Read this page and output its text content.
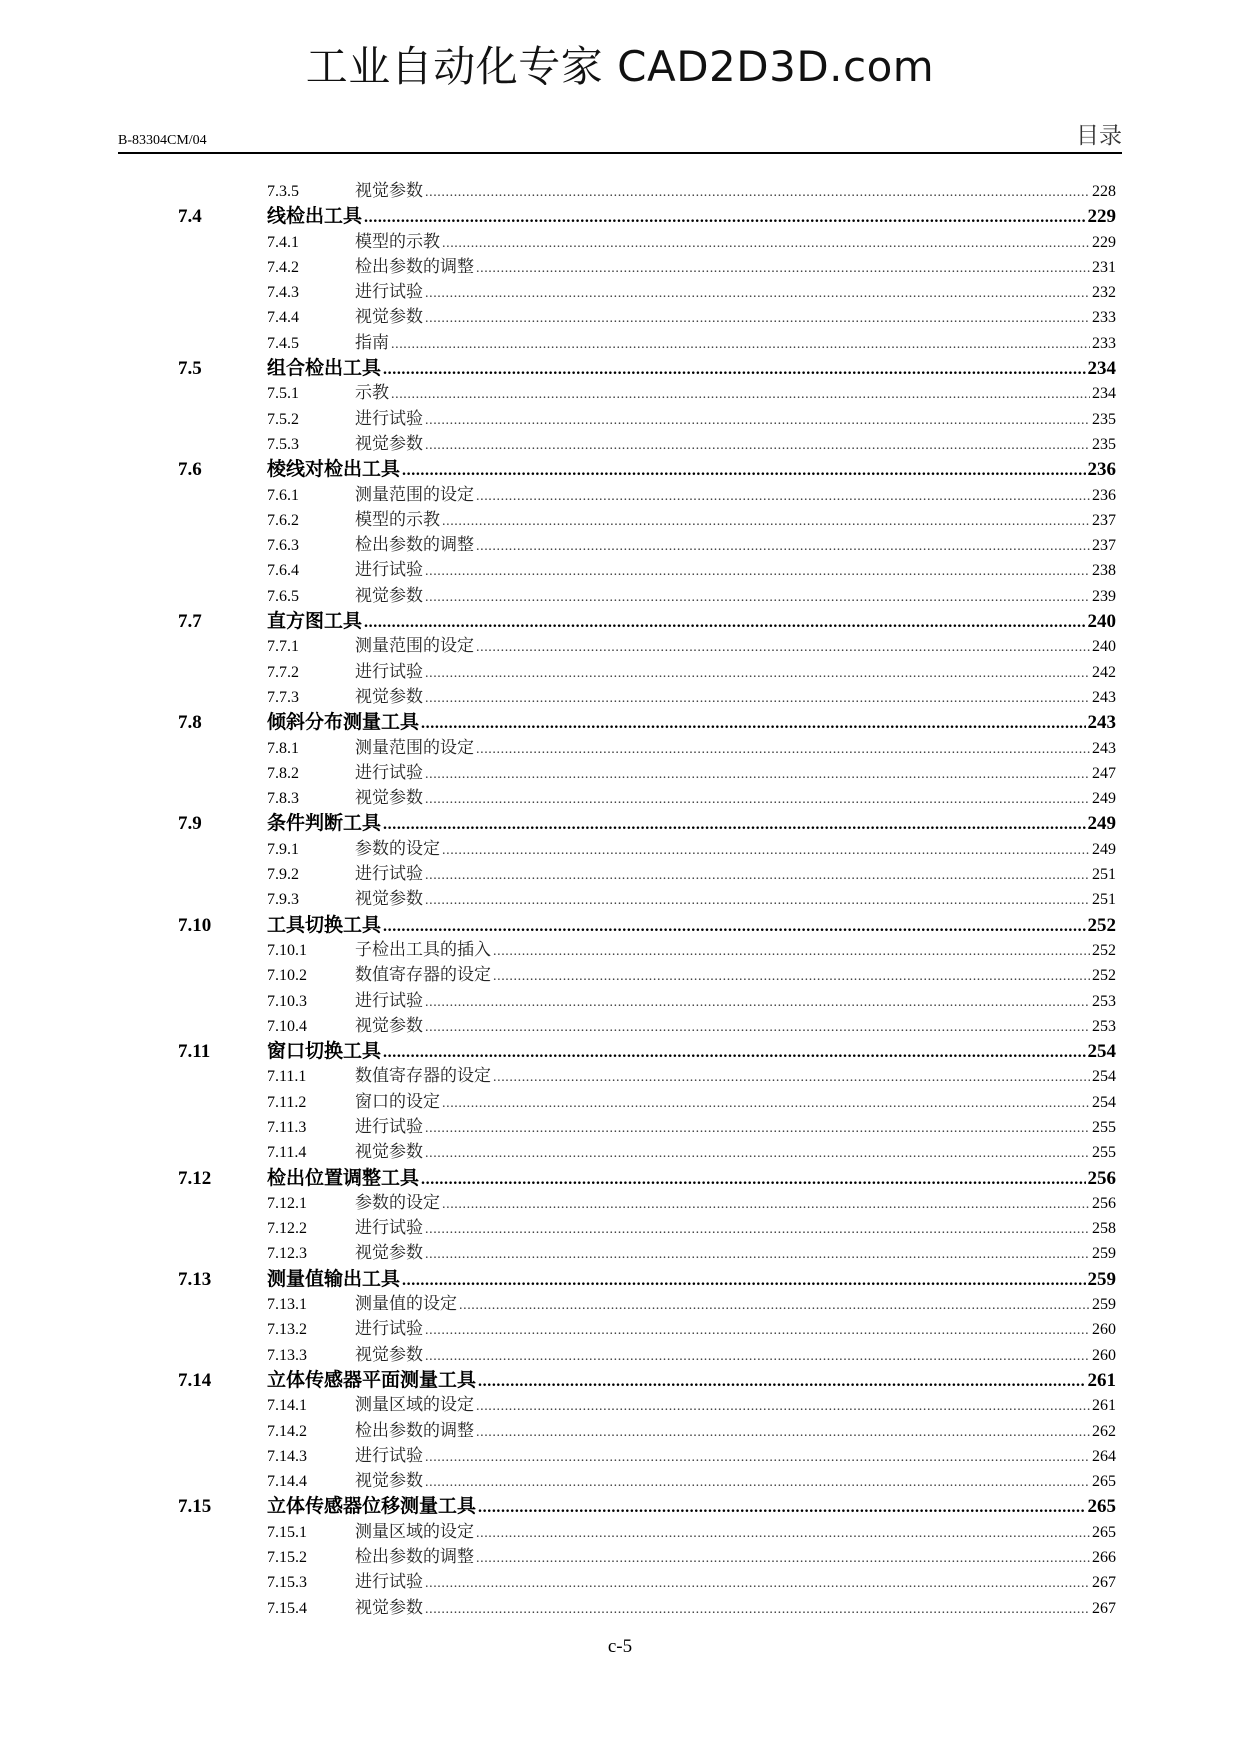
工业自动化专家 CAD2D3D.com
B-83304CM/04	目录
7.3.5	视觉参数 .....	228
7.4	线检出工具 .....	229
7.4.1	模型的示教 .....	229
7.4.2	检出参数的调整 .....	231
7.4.3	进行试验 .....	232
7.4.4	视觉参数 .....	233
7.4.5	指南 .....	233
7.5	组合检出工具 .....	234
7.5.1	示教 .....	234
7.5.2	进行试验 .....	235
7.5.3	视觉参数 .....	235
7.6	棱线对检出工具 .....	236
7.6.1	测量范围的设定 .....	236
7.6.2	模型的示教 .....	237
7.6.3	检出参数的调整 .....	237
7.6.4	进行试验 .....	238
7.6.5	视觉参数 .....	239
7.7	直方图工具 .....	240
7.7.1	测量范围的设定 .....	240
7.7.2	进行试验 .....	242
7.7.3	视觉参数 .....	243
7.8	倾斜分布测量工具 .....	243
7.8.1	测量范围的设定 .....	243
7.8.2	进行试验 .....	247
7.8.3	视觉参数 .....	249
7.9	条件判断工具 .....	249
7.9.1	参数的设定 .....	249
7.9.2	进行试验 .....	251
7.9.3	视觉参数 .....	251
7.10	工具切换工具 .....	252
7.10.1	子检出工具的插入 .....	252
7.10.2	数值寄存器的设定 .....	252
7.10.3	进行试验 .....	253
7.10.4	视觉参数 .....	253
7.11	窗口切换工具 .....	254
7.11.1	数值寄存器的设定 .....	254
7.11.2	窗口的设定 .....	254
7.11.3	进行试验 .....	255
7.11.4	视觉参数 .....	255
7.12	检出位置调整工具 .....	256
7.12.1	参数的设定 .....	256
7.12.2	进行试验 .....	258
7.12.3	视觉参数 .....	259
7.13	测量值输出工具 .....	259
7.13.1	测量值的设定 .....	259
7.13.2	进行试验 .....	260
7.13.3	视觉参数 .....	260
7.14	立体传感器平面测量工具 .....	261
7.14.1	测量区域的设定 .....	261
7.14.2	检出参数的调整 .....	262
7.14.3	进行试验 .....	264
7.14.4	视觉参数 .....	265
7.15	立体传感器位移测量工具 .....	265
7.15.1	测量区域的设定 .....	265
7.15.2	检出参数的调整 .....	266
7.15.3	进行试验 .....	267
7.15.4	视觉参数 .....	267
c-5
